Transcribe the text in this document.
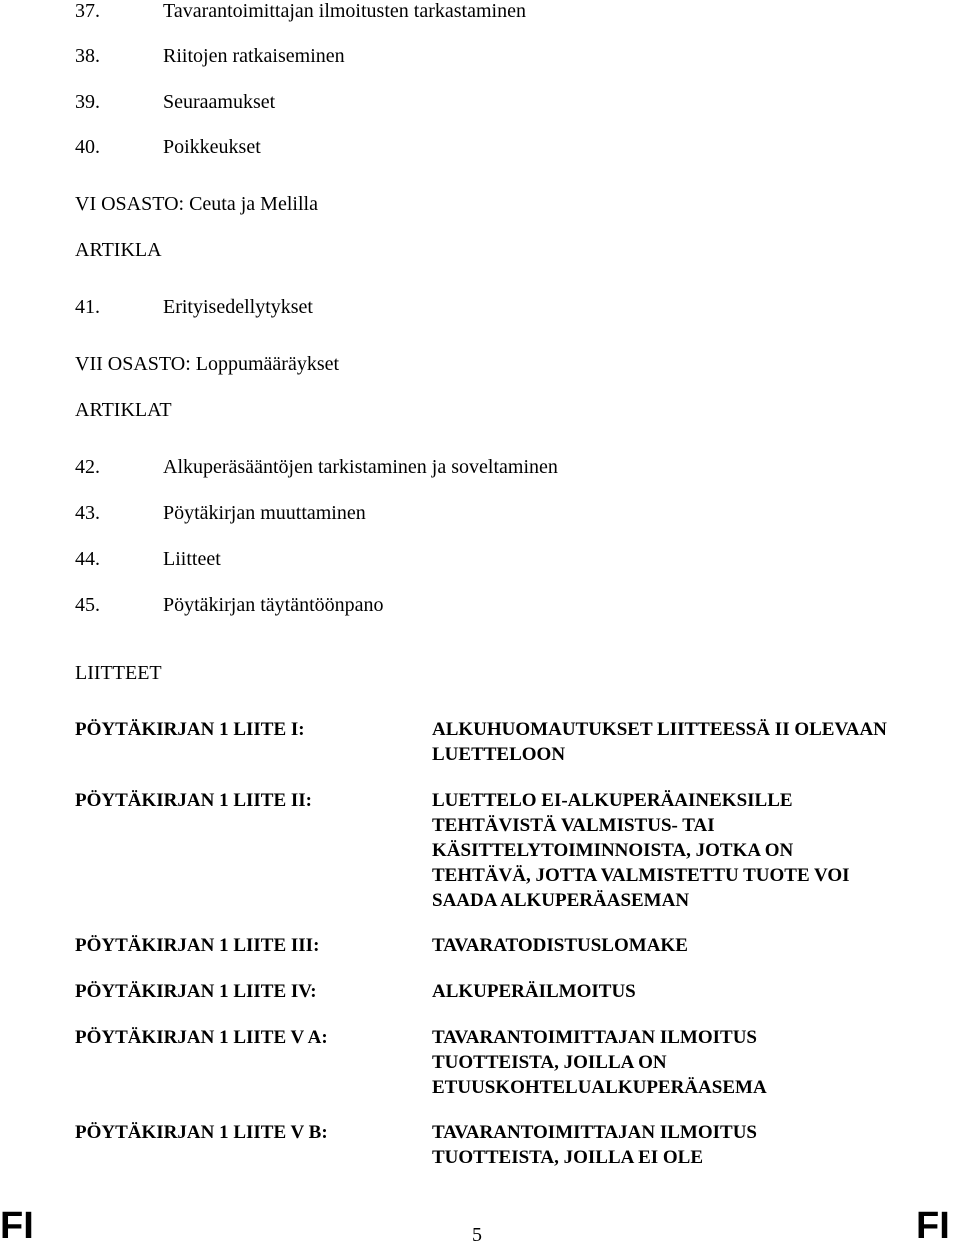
37.	Tavarantoimittajan ilmoitusten tarkastaminen
38.	Riitojen ratkaiseminen
39.	Seuraamukset
40.	Poikkeukset
VI OSASTO: Ceuta ja Melilla
ARTIKLA
41.	Erityisedellytykset
VII OSASTO: Loppumääräykset
ARTIKLAT
42.	Alkuperäsääntöjen tarkistaminen ja soveltaminen
43.	Pöytäkirjan muuttaminen
44.	Liitteet
45.	Pöytäkirjan täytäntöönpano
LIITTEET
PÖYTÄKIRJAN 1 LIITE I:	ALKUHUOMAUTUKSET LIITTEESSÄ II OLEVAAN
LUETTELOON
PÖYTÄKIRJAN 1 LIITE II:	LUETTELO EI-ALKUPERÄAINEKSILLE
TEHTÄVISTÄ VALMISTUS- TAI
KÄSITTELYTOIMINNOISTA, JOTKA ON
TEHTÄVÄ, JOTTA VALMISTETTU TUOTE VOI
SAADA ALKUPERÄASEMAN
PÖYTÄKIRJAN 1 LIITE III:	TAVARATODISTUSLOMAKE
PÖYTÄKIRJAN 1 LIITE IV:	ALKUPERÄILMOITUS
PÖYTÄKIRJAN 1 LIITE V A:	TAVARANTOIMITTAJAN ILMOITUS
TUOTTEISTA, JOILLA ON
ETUUSKOHTELUALKUPERÄASEMA
PÖYTÄKIRJAN 1 LIITE V B:	TAVARANTOIMITTAJAN ILMOITUS
TUOTTEISTA, JOILLA EI OLE
FI	5	FI
